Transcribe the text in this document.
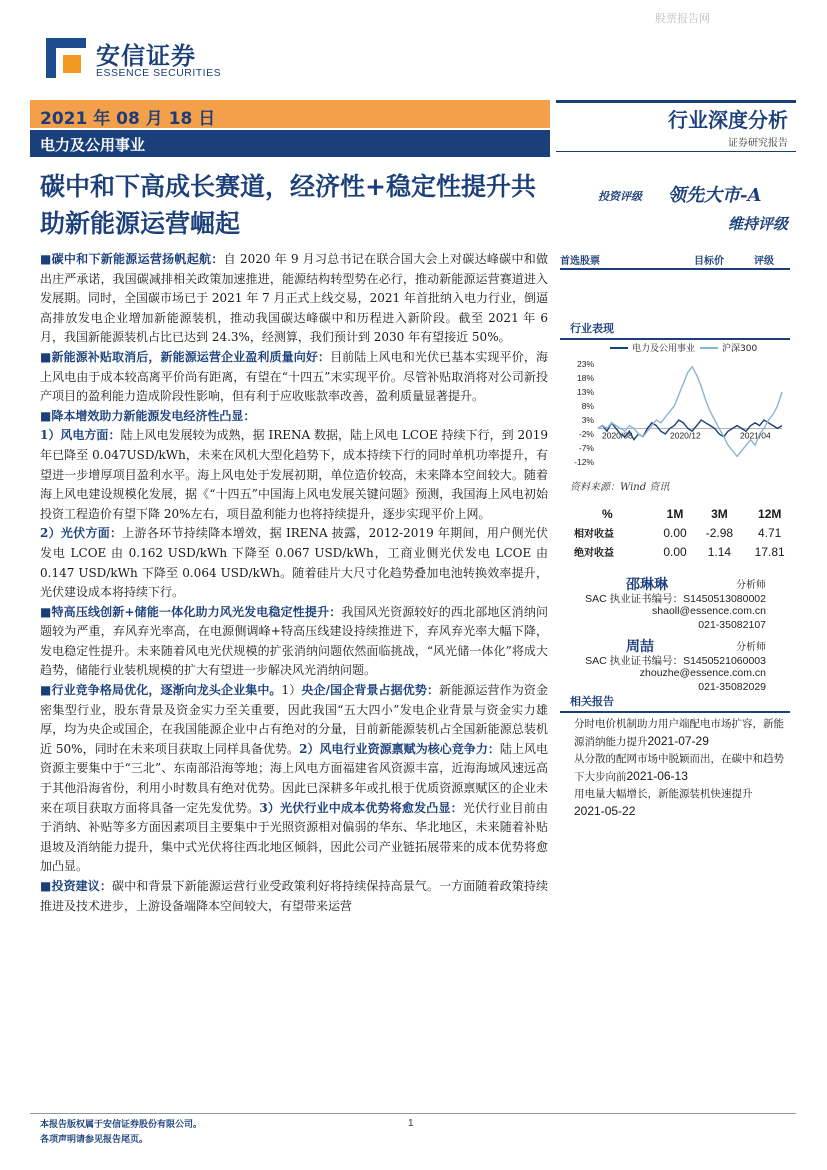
股票报告网
安信证券
ESSENCE SECURITIES
2021 年 08 月 18 日
电力及公用事业
行业深度分析
证券研究报告
碳中和下高成长赛道，经济性+稳定性提升共助新能源运营崛起
投资评级 领先大市-A
维持评级

■碳中和下新能源运营扬帆起航：自 2020 年 9 月习总书记在联合国大会上对碳达峰碳中和做出庄严承诺，我国碳减排相关政策加速推进，能源结构转型势在必行，推动新能源运营赛道进入发展期。同时，全国碳市场已于 2021 年 7 月正式上线交易，2021 年首批纳入电力行业，倒逼高排放发电企业增加新能源装机，推动我国碳达峰碳中和历程进入新阶段。截至 2021 年 6 月，我国新能源装机占比已达到 24.3%，经测算，我们预计到 2030 年有望接近 50%。

■新能源补贴取消后，新能源运营企业盈利质量向好：目前陆上风电和光伏已基本实现平价，海上风电由于成本较高离平价尚有距离，有望在“十四五”末实现平价。尽管补贴取消将对公司新投产项目的盈利能力造成阶段性影响，但有利于应收账款率改善，盈利质量显著提升。

■降本增效助力新能源发电经济性凸显：

1）风电方面：陆上风电发展较为成熟，据 IRENA 数据，陆上风电 LCOE 持续下行，到 2019 年已降至 0.047USD/kWh，未来在风机大型化趋势下，成本持续下行的同时单机功率提升，有望进一步增厚项目盈利水平。海上风电处于发展初期，单位造价较高，未来降本空间较大。随着海上风电建设规模化发展，据《“十四五”中国海上风电发展关键问题》预测，我国海上风电初始投资工程造价有望下降 20%左右，项目盈利能力也将持续提升，逐步实现平价上网。

2）光伏方面：上游各环节持续降本增效，据 IRENA 披露，2012-2019 年期间，用户侧光伏发电 LCOE 由 0.162 USD/kWh 下降至 0.067 USD/kWh，工商业侧光伏发电 LCOE 由 0.147 USD/kWh 下降至 0.064 USD/kWh。随着硅片大尺寸化趋势叠加电池转换效率提升，光伏建设成本将持续下行。

■特高压线创新+储能一体化助力风光发电稳定性提升：我国风光资源较好的西北部地区消纳问题较为严重，弃风弃光率高，在电源侧调峰+特高压线建设持续推进下，弃风弃光率大幅下降，发电稳定性提升。未来随着风电光伏规模的扩张消纳问题依然面临挑战，“风光储一体化”将成大趋势，储能行业装机规模的扩大有望进一步解决风光消纳问题。

■行业竞争格局优化，逐渐向龙头企业集中。1）央企/国企背景占据优势：新能源运营作为资金密集型行业，股东背景及资金实力至关重要，因此我国“五大四小”发电企业背景与资金实力雄厚，均为央企或国企，在我国能源企业中占有绝对的分量，目前新能源装机占全国新能源总装机近 50%，同时在未来项目获取上同样具备优势。2）风电行业资源禀赋为核心竞争力：陆上风电资源主要集中于“三北”、东南部沿海等地；海上风电方面福建省风资源丰富，近海海域风速远高于其他沿海省份，利用小时数具有绝对优势。因此已深耕多年或扎根于优质资源禀赋区的企业未来在项目获取方面将具备一定先发优势。3）光伏行业中成本优势将愈发凸显：光伏行业目前由于消纳、补贴等多方面因素项目主要集中于光照资源相对偏弱的华东、华北地区，未来随着补贴退坡及消纳能力提升，集中式光伏将往西北地区倾斜，因此公司产业链拓展带来的成本优势将愈加凸显。

■投资建议：碳中和背景下新能源运营行业受政策利好将持续保持高景气。一方面随着政策持续推进及技术进步，上游设备端降本空间较大，有望带来运营

首选股票	目标价	评级
行业表现
电力及公用事业	沪深300
23%
18%
13%
8%
3%
-2%
-7%
-12%
2020/08	2020/12	2021/04
资料来源：Wind 资讯
%	1M	3M	12M
相对收益	0.00	-2.98	4.71
绝对收益	0.00	1.14	17.81
邵琳琳	分析师
SAC 执业证书编号：S1450513080002
shaoll@essence.com.cn
021-35082107
周喆	分析师
SAC 执业证书编号：S1450521060003
zhouzhe@essence.com.cn
021-35082029
相关报告
分时电价机制助力用户端配电市场扩容，新能源消纳能力提升2021-07-29
从分散的配网市场中脱颖而出，在碳中和趋势下大步向前2021-06-13
用电量大幅增长，新能源装机快速提升
2021-05-22
本报告版权属于安信证券股份有限公司。
各项声明请参见报告尾页。
1
